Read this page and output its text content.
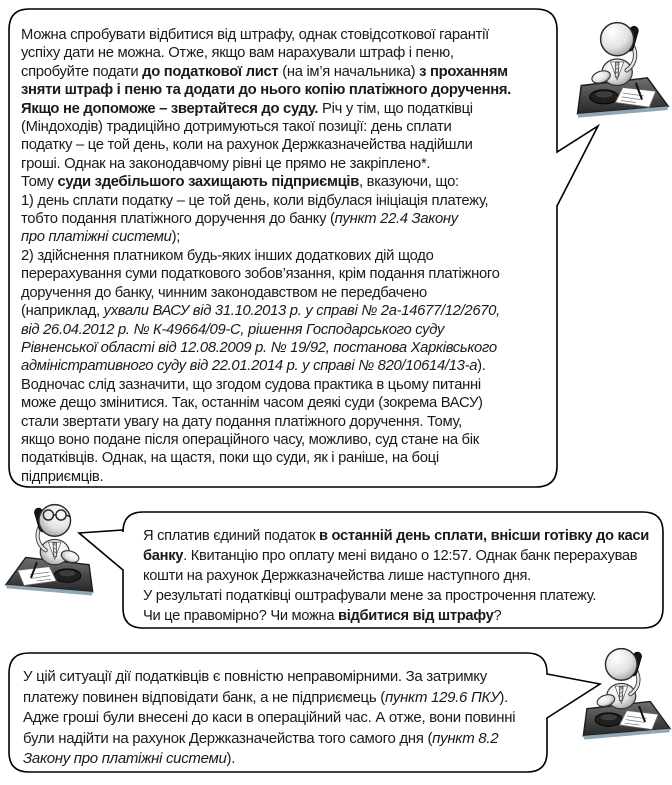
Можна спробувати відбитися від штрафу, однак стовідсоткової гарантії
успіху дати не можна. Отже, якщо вам нарахували штраф і пеню,
спробуйте подати до податкової лист (на ім’я начальника) з проханням
зняти штраф і пеню та додати до нього копію платіжного доручення.
Якщо не допоможе – звертайтеся до суду. Річ у тім, що податківці
(Міндоходів) традиційно дотримуються такої позиції: день сплати
податку – це той день, коли на рахунок Держказначейства надійшли
гроші. Однак на законодавчому рівні це прямо не закріплено*.
Тому суди здебільшого захищають підприємців, вказуючи, що:
1) день сплати податку – це той день, коли відбулася ініціація платежу,
тобто подання платіжного доручення до банку (пункт 22.4 Закону
про платіжні системи);
2) здійснення платником будь-яких інших додаткових дій щодо
перерахування суми податкового зобов’язання, крім подання платіжного
доручення до банку, чинним законодавством не передбачено
(наприклад, ухвали ВАСУ від 31.10.2013 р. у справі № 2а-14677/12/2670,
від 26.04.2012 р. № К-49664/09-С, рішення Господарського суду
Рівненської області від 12.08.2009 р. № 19/92, постанова Харківського
адміністративного суду від 22.01.2014 р. у справі № 820/10614/13-а).
Водночас слід зазначити, що згодом судова практика в цьому питанні
може дещо змінитися. Так, останнім часом деякі суди (зокрема ВАСУ)
стали звертати увагу на дату подання платіжного доручення. Тому,
якщо воно подане після операційного часу, можливо, суд стане на бік
податківців. Однак, на щастя, поки що суди, як і раніше, на боці
підприємців.
Я сплатив єдиний податок в останній день сплати, внісши готівку до каси
банку. Квитанцію про оплату мені видано о 12:57. Однак банк перерахував
кошти на рахунок Держказначейства лише наступного дня.
У результаті податківці оштрафували мене за прострочення платежу.
Чи це правомірно? Чи можна відбитися від штрафу?
У цій ситуації дії податківців є повністю неправомірними. За затримку
платежу повинен відповідати банк, а не підприємець (пункт 129.6 ПКУ).
Адже гроші були внесені до каси в операційний час. А отже, вони повинні
були надійти на рахунок Держказначейства того самого дня (пункт 8.2
Закону про платіжні системи).
